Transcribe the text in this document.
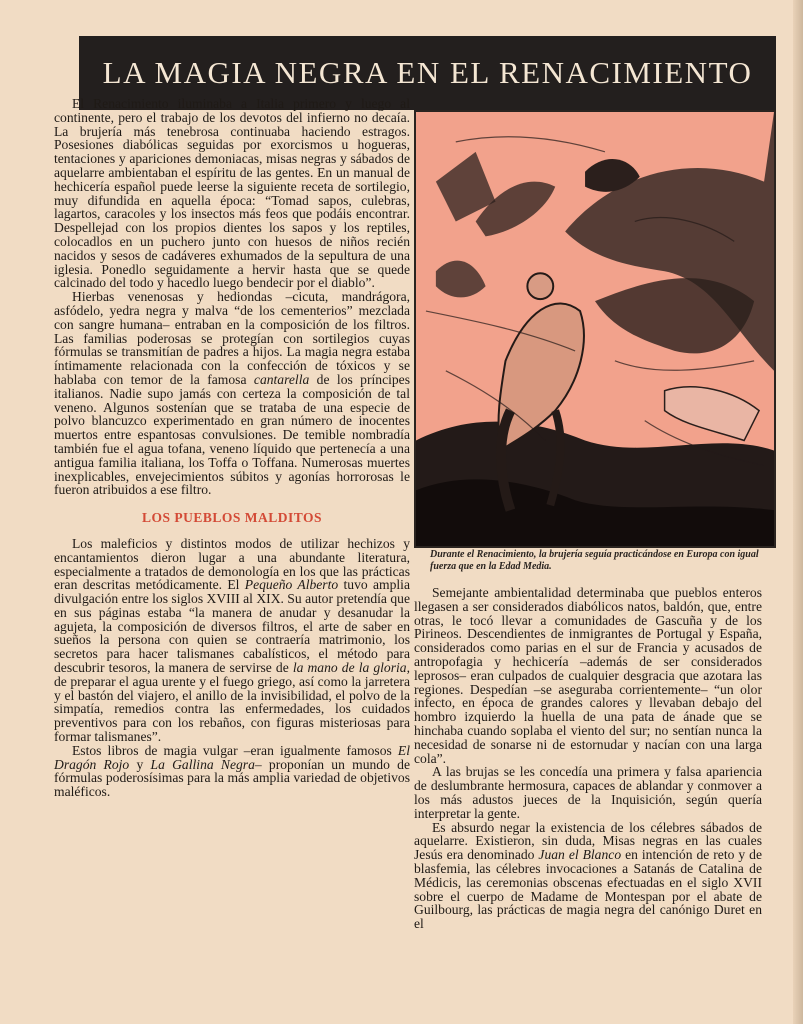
LA MAGIA NEGRA EN EL RENACIMIENTO

El Renacimiento iluminaba a Italia primero y luego al continente, pero el trabajo de los devotos del infierno no decaía. La brujería más tenebrosa continuaba haciendo estragos. Posesiones diabólicas seguidas por exorcismos u hogueras, tentaciones y apariciones demoniacas, misas negras y sábados de aquelarre ambientaban el espíritu de las gentes. En un manual de hechicería español puede leerse la siguiente receta de sortilegio, muy difundida en aquella época: “Tomad sapos, culebras, lagartos, caracoles y los insectos más feos que podáis encontrar. Despellejad con los propios dientes los sapos y los reptiles, colocadlos en un puchero junto con huesos de niños recién nacidos y sesos de cadáveres exhumados de la sepultura de una iglesia. Ponedlo seguidamente a hervir hasta que se quede calcinado del todo y hacedlo luego bendecir por el diablo”.

Hierbas venenosas y hediondas –cicuta, mandrágora, asfódelo, yedra negra y malva “de los cementerios” mezclada con sangre humana– entraban en la composición de los filtros. Las familias poderosas se protegían con sortilegios cuyas fórmulas se transmitían de padres a hijos. La magia negra estaba íntimamente relacionada con la confección de tóxicos y se hablaba con temor de la famosa cantarella de los príncipes italianos. Nadie supo jamás con certeza la composición de tal veneno. Algunos sostenían que se trataba de una especie de polvo blancuzco experimentado en gran número de inocentes muertos entre espantosas convulsiones. De temible nombradía también fue el agua tofana, veneno líquido que pertenecía a una antigua familia italiana, los Toffa o Toffana. Numerosas muertes inexplicables, envejecimientos súbitos y agonías horrorosas le fueron atribuidos a ese filtro.

LOS PUEBLOS MALDITOS

Los maleficios y distintos modos de utilizar hechizos y encantamientos dieron lugar a una abundante literatura, especialmente a tratados de demonología en los que las prácticas eran descritas metódicamente. El Pequeño Alberto tuvo amplia divulgación entre los siglos XVIII al XIX. Su autor pretendía que en sus páginas estaba “la manera de anudar y desanudar la agujeta, la composición de diversos filtros, el arte de saber en sueños la persona con quien se contraería matrimonio, los secretos para hacer talismanes cabalísticos, el método para descubrir tesoros, la manera de servirse de la mano de la gloria, de preparar el agua urente y el fuego griego, así como la jarretera y el bastón del viajero, el anillo de la invisibilidad, el polvo de la simpatía, remedios contra las enfermedades, los cuidados preventivos para con los rebaños, con figuras misteriosas para formar talismanes”.

Estos libros de magia vulgar –eran igualmente famosos El Dragón Rojo y La Gallina Negra– proponían un mundo de fórmulas poderosísimas para la más amplia variedad de objetivos maléficos.

Durante el Renacimiento, la brujería seguía practicándose en Europa con igual fuerza que en la Edad Media.

Semejante ambientalidad determinaba que pueblos enteros llegasen a ser considerados diabólicos natos, baldón, que, entre otras, le tocó llevar a comunidades de Gascuña y de los Pirineos. Descendientes de inmigrantes de Portugal y España, considerados como parias en el sur de Francia y acusados de antropofagia y hechicería –además de ser considerados leprosos– eran culpados de cualquier desgracia que azotara las regiones. Despedían –se aseguraba corrientemente– “un olor infecto, en época de grandes calores y llevaban debajo del hombro izquierdo la huella de una pata de ánade que se hinchaba cuando soplaba el viento del sur; no sentían nunca la necesidad de sonarse ni de estornudar y nacían con una larga cola”.

A las brujas se les concedía una primera y falsa apariencia de deslumbrante hermosura, capaces de ablandar y conmover a los más adustos jueces de la Inquisición, según quería interpretar la gente.

Es absurdo negar la existencia de los célebres sábados de aquelarre. Existieron, sin duda, Misas negras en las cuales Jesús era denominado Juan el Blanco en intención de reto y de blasfemia, las célebres invocaciones a Satanás de Catalina de Médicis, las ceremonias obscenas efectuadas en el siglo XVII sobre el cuerpo de Madame de Montespan por el abate de Guilbourg, las prácticas de magia negra del canónigo Duret en el
